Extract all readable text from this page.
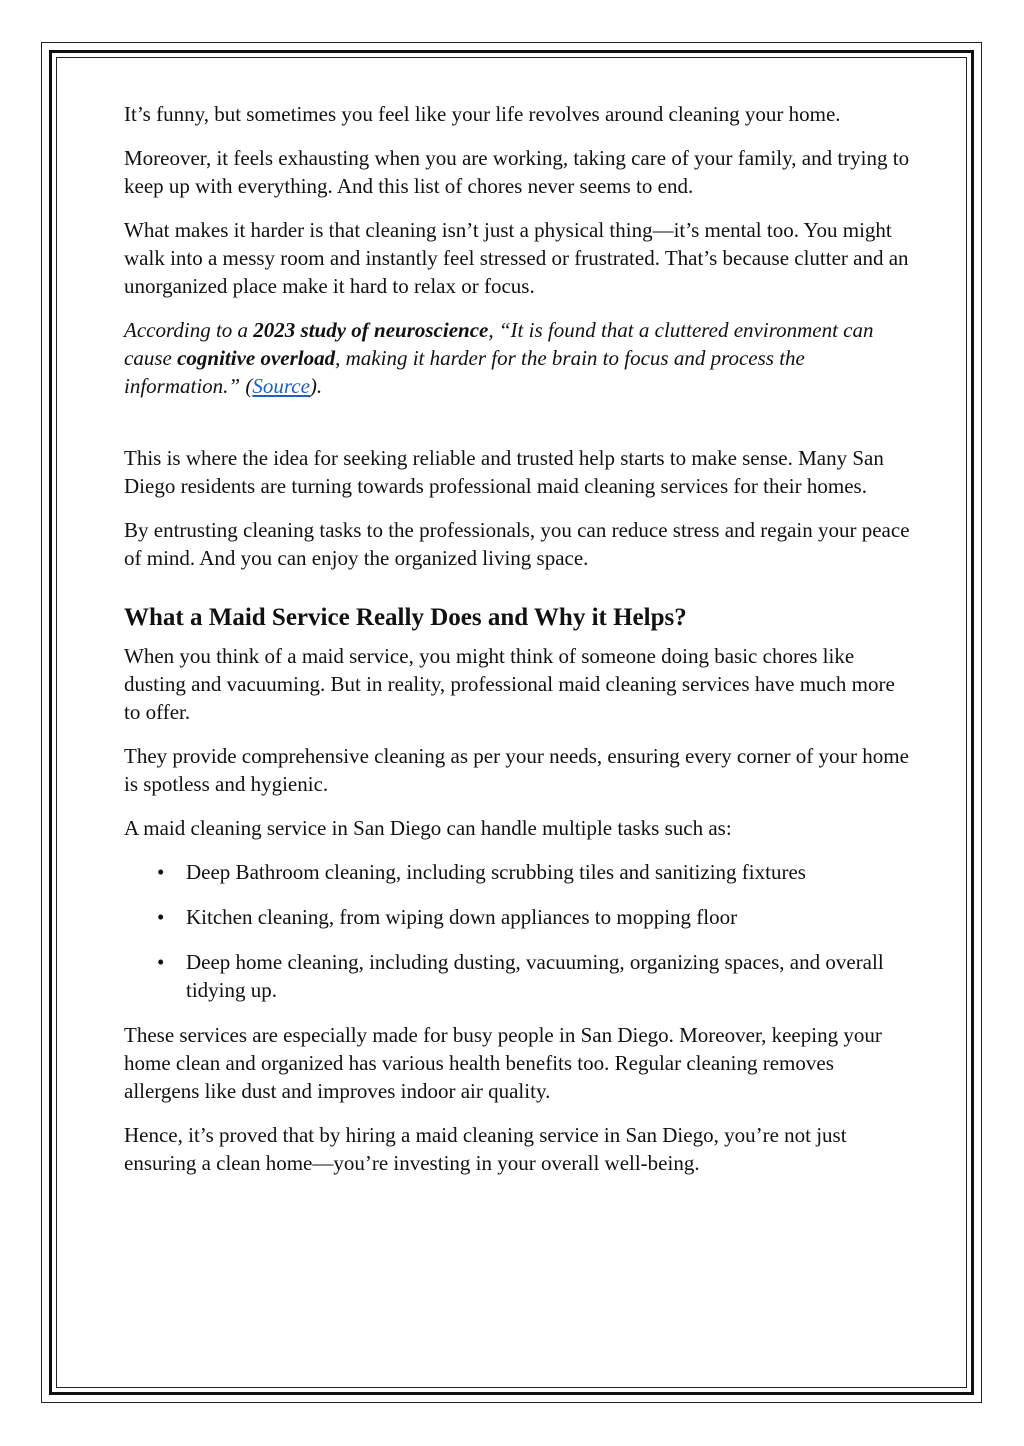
It’s funny, but sometimes you feel like your life revolves around cleaning your home.

Moreover, it feels exhausting when you are working, taking care of your family, and trying to keep up with everything. And this list of chores never seems to end.

What makes it harder is that cleaning isn’t just a physical thing—it’s mental too. You might walk into a messy room and instantly feel stressed or frustrated. That’s because clutter and an unorganized place make it hard to relax or focus.

According to a 2023 study of neuroscience, “It is found that a cluttered environment can cause cognitive overload, making it harder for the brain to focus and process the information.” (Source).

This is where the idea for seeking reliable and trusted help starts to make sense. Many San Diego residents are turning towards professional maid cleaning services for their homes.

By entrusting cleaning tasks to the professionals, you can reduce stress and regain your peace of mind. And you can enjoy the organized living space.

What a Maid Service Really Does and Why it Helps?

When you think of a maid service, you might think of someone doing basic chores like dusting and vacuuming. But in reality, professional maid cleaning services have much more to offer.

They provide comprehensive cleaning as per your needs, ensuring every corner of your home is spotless and hygienic.

A maid cleaning service in San Diego can handle multiple tasks such as:

• Deep Bathroom cleaning, including scrubbing tiles and sanitizing fixtures
• Kitchen cleaning, from wiping down appliances to mopping floor
• Deep home cleaning, including dusting, vacuuming, organizing spaces, and overall tidying up.

These services are especially made for busy people in San Diego. Moreover, keeping your home clean and organized has various health benefits too. Regular cleaning removes allergens like dust and improves indoor air quality.

Hence, it’s proved that by hiring a maid cleaning service in San Diego, you’re not just ensuring a clean home—you’re investing in your overall well-being.
